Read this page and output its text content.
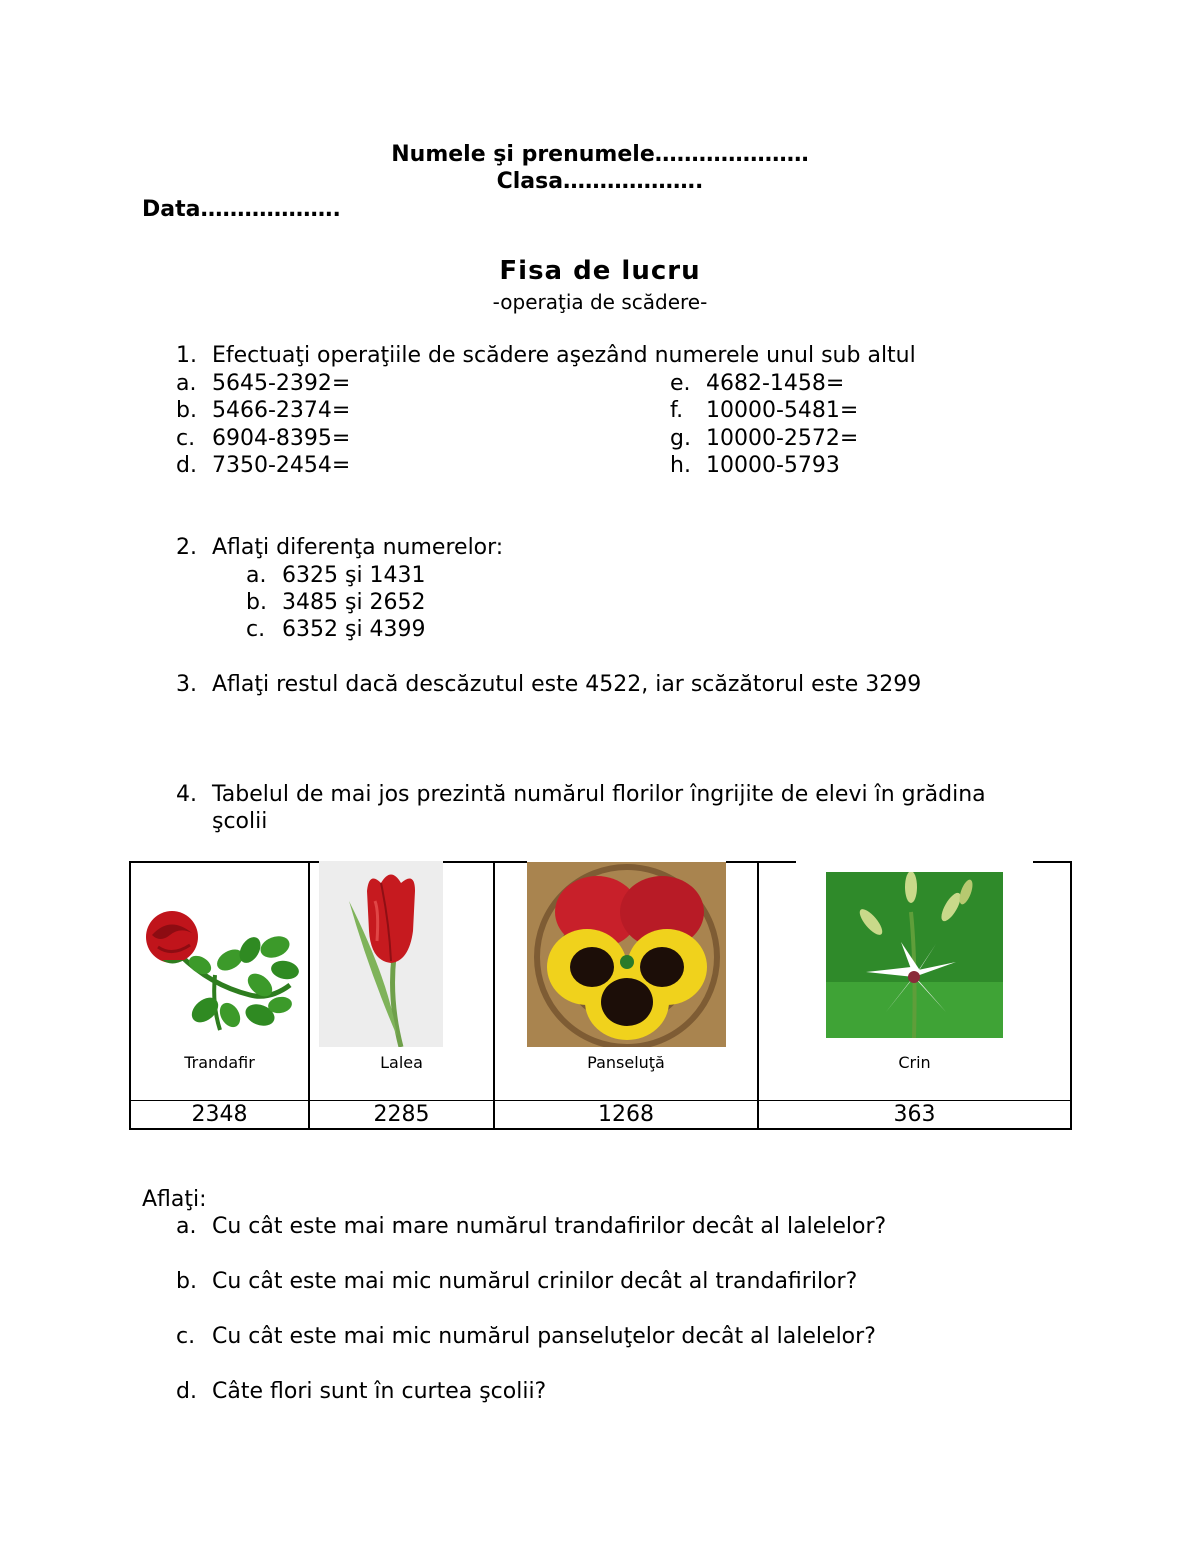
Numele şi prenumele…………………
Clasa……………….
Data……………….
Fisa de lucru
-operaţia de scădere-
1. Efectuaţi operaţiile de scădere aşezând numerele unul sub altul
a. 5645-2392=
b. 5466-2374=
c. 6904-8395=
d. 7350-2454=
e. 4682-1458=
f. 10000-5481=
g. 10000-2572=
h. 10000-5793
2. Aflaţi diferenţa numerelor:
a. 6325 şi 1431
b. 3485 şi 2652
c. 6352 şi 4399
3. Aflaţi restul dacă descăzutul este 4522, iar scăzătorul este 3299
4. Tabelul de mai jos prezintă numărul florilor îngrijite de elevi în grădina
şcolii
Trandafir
2348
Lalea
2285
Panseluţă
1268
Crin
363
Aflaţi:
a. Cu cât este mai mare numărul trandafirilor decât al lalelelor?
b. Cu cât este mai mic numărul crinilor decât al trandafirilor?
c. Cu cât este mai mic numărul panseluţelor decât al lalelelor?
d. Câte flori sunt în curtea şcolii?
